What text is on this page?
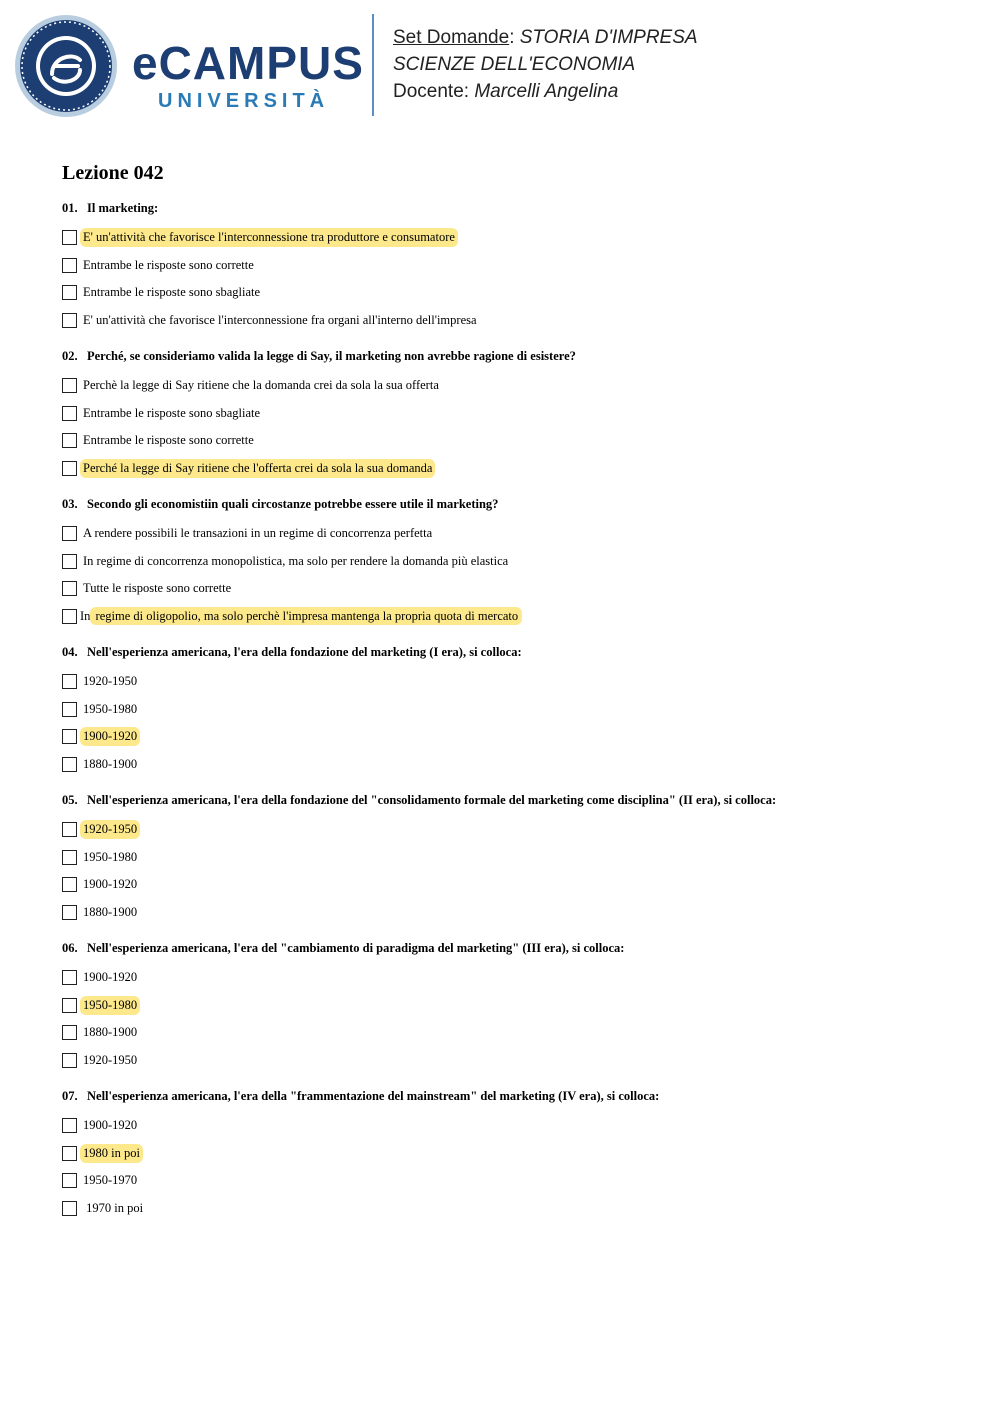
eCAMPUS
UNIVERSITÀ
Set Domande: STORIA D'IMPRESA
SCIENZE DELL'ECONOMIA
Docente: Marcelli Angelina
Lezione 042
01. Il marketing:
E' un'attività che favorisce l'interconnessione tra produttore e consumatore
Entrambe le risposte sono corrette
Entrambe le risposte sono sbagliate
E' un'attività che favorisce l'interconnessione fra organi all'interno dell'impresa
02. Perché, se consideriamo valida la legge di Say, il marketing non avrebbe ragione di esistere?
Perchè la legge di Say ritiene che la domanda crei da sola la sua offerta
Entrambe le risposte sono sbagliate
Entrambe le risposte sono corrette
Perché la legge di Say ritiene che l'offerta crei da sola la sua domanda
03. Secondo gli economistiin quali circostanze potrebbe essere utile il marketing?
A rendere possibili le transazioni in un regime di concorrenza perfetta
In regime di concorrenza monopolistica, ma solo per rendere la domanda più elastica
Tutte le risposte sono corrette
In regime di oligopolio, ma solo perchè l'impresa mantenga la propria quota di mercato
04. Nell'esperienza americana, l'era della fondazione del marketing (I era), si colloca:
1920-1950
1950-1980
1900-1920
1880-1900
05. Nell'esperienza americana, l'era della fondazione del "consolidamento formale del marketing come disciplina" (II era), si colloca:
1920-1950
1950-1980
1900-1920
1880-1900
06. Nell'esperienza americana, l'era del "cambiamento di paradigma del marketing" (III era), si colloca:
1900-1920
1950-1980
1880-1900
1920-1950
07. Nell'esperienza americana, l'era della "frammentazione del mainstream" del marketing (IV era), si colloca:
1900-1920
1980 in poi
1950-1970
1970 in poi
